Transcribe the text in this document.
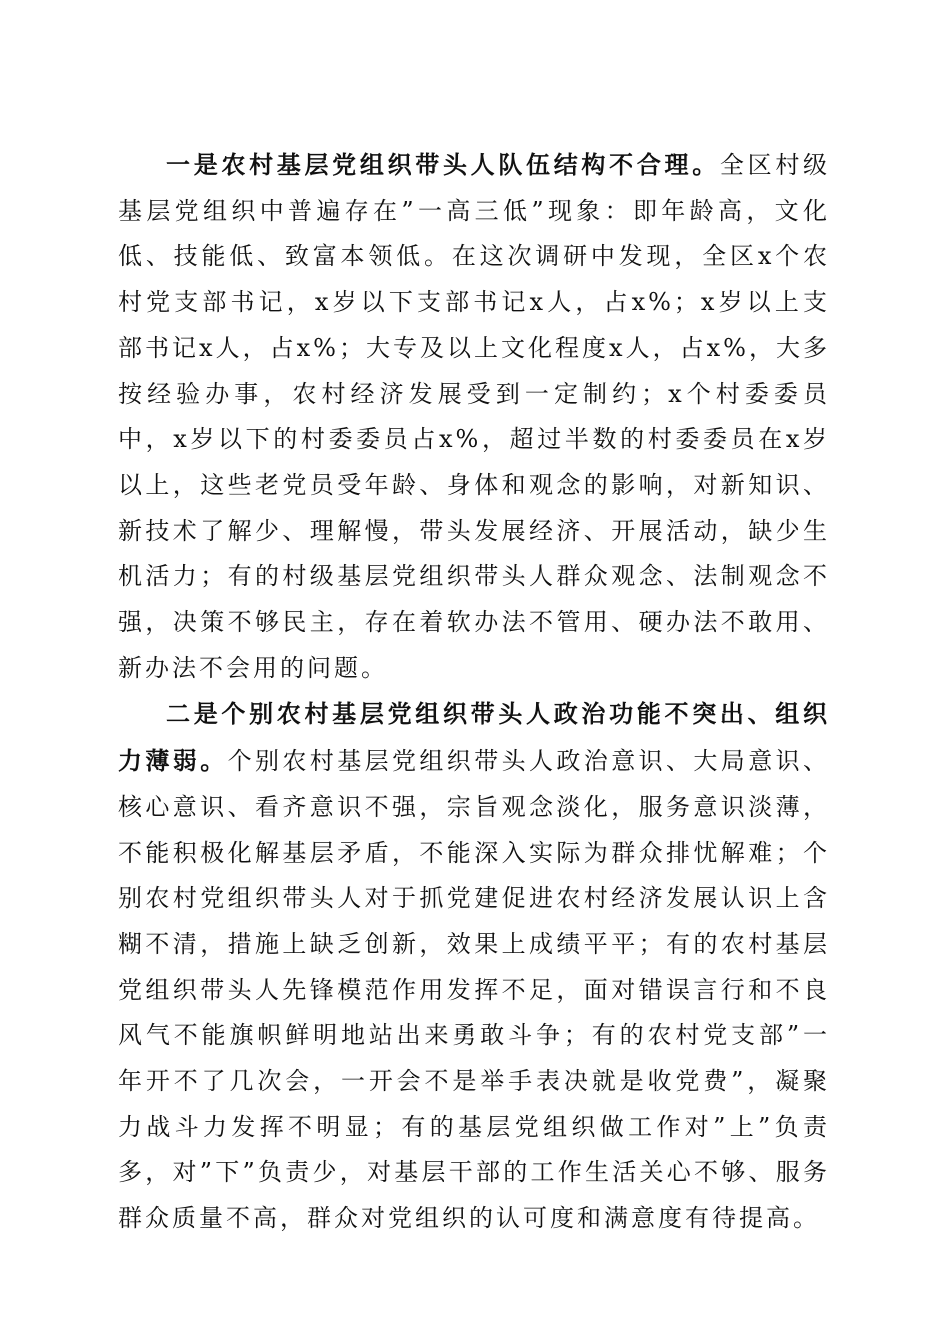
一是农村基层党组织带头人队伍结构不合理。全区村级基层党组织中普遍存在”一高三低”现象：即年龄高，文化低、技能低、致富本领低。在这次调研中发现，全区x个农村党支部书记，x岁以下支部书记x人，占x%；x岁以上支部书记x人，占x%；大专及以上文化程度x人，占x%，大多按经验办事，农村经济发展受到一定制约；x个村委委员中，x岁以下的村委委员占x%，超过半数的村委委员在x岁以上，这些老党员受年龄、身体和观念的影响，对新知识、新技术了解少、理解慢，带头发展经济、开展活动，缺少生机活力；有的村级基层党组织带头人群众观念、法制观念不强，决策不够民主，存在着软办法不管用、硬办法不敢用、新办法不会用的问题。

二是个别农村基层党组织带头人政治功能不突出、组织力薄弱。个别农村基层党组织带头人政治意识、大局意识、核心意识、看齐意识不强，宗旨观念淡化，服务意识淡薄，不能积极化解基层矛盾，不能深入实际为群众排忧解难；个别农村党组织带头人对于抓党建促进农村经济发展认识上含糊不清，措施上缺乏创新，效果上成绩平平；有的农村基层党组织带头人先锋模范作用发挥不足，面对错误言行和不良风气不能旗帜鲜明地站出来勇敢斗争；有的农村党支部”一年开不了几次会，一开会不是举手表决就是收党费”，凝聚力战斗力发挥不明显；有的基层党组织做工作对”上”负责多，对”下”负责少，对基层干部的工作生活关心不够、服务群众质量不高，群众对党组织的认可度和满意度有待提高。
